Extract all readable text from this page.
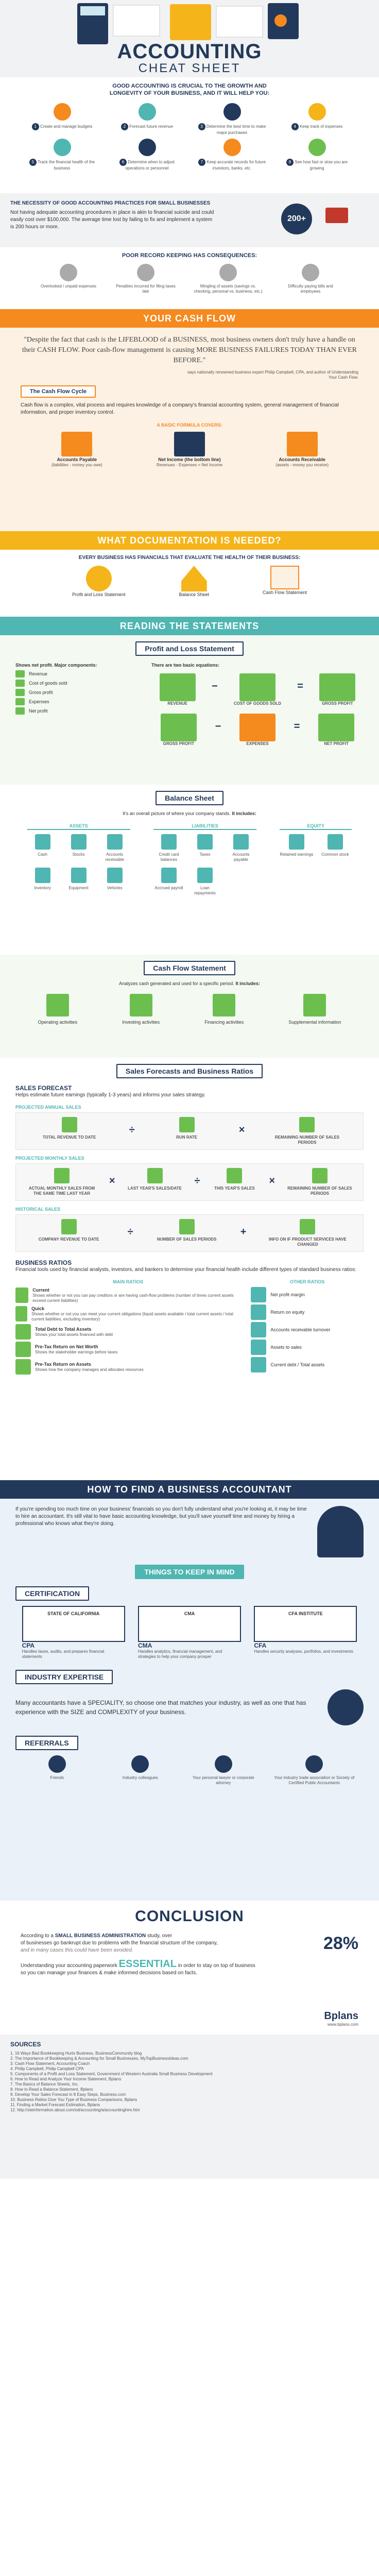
ACCOUNTING
CHEAT SHEET
GOOD ACCOUNTING IS CRUCIAL TO THE GROWTH AND LONGEVITY OF YOUR BUSINESS, AND IT WILL HELP YOU:
1 Create and manage budgets	2 Forecast future revenue	3 Determine the best time to make major purchases
4 Keep track of expenses
5 Track the financial health of the business
6 Determine when to adjust operations or personnel
7 Keep accurate records for future investors, banks, etc.
8 See how fast or slow you are growing
THE NECESSITY OF GOOD ACCOUNTING PRACTICES FOR SMALL BUSINESSES
Not having adequate accounting procedures in place is akin to financial suicide and could easily cost over $100,000. The average time lost by failing to fix and implement a system is 200 hours or more.
200+
POOR RECORD KEEPING HAS CONSEQUENCES:
Overlooked / unpaid expenses	Penalties incurred for filing taxes late
Mingling of assets (savings vs. checking, personal vs. business, etc.)
Difficulty paying bills and employees
YOUR CASH FLOW
"Despite the fact that cash is the LIFEBLOOD of a BUSINESS, most business owners don't truly have a handle on their CASH FLOW. Poor cash-flow management is causing MORE BUSINESS FAILURES TODAY THAN EVER BEFORE."
says nationally renowned business expert Philip Campbell, CPA, and author of Understanding Your Cash Flow.
The Cash Flow Cycle
Cash flow is a complex, vital process and requires knowledge of a company's financial accounting system, general management of financial information, and proper inventory control.
A BASIC FORMULA COVERS:
Accounts Payable
(liabilities - money you owe)
Net Income (the bottom line)
Revenues - Expenses = Net Income
Accounts Receivable
(assets - money you receive)
WHAT DOCUMENTATION IS NEEDED?
EVERY BUSINESS HAS FINANCIALS THAT EVALUATE THE HEALTH OF THEIR BUSINESS:
Profit and Loss Statement	Balance Sheet	Cash Flow Statement
READING THE STATEMENTS
Profit and Loss Statement
Shows net profit. Major components:
Revenue
Cost of goods sold
Gross profit
Expenses
Net profit
There are two basic equations:
REVENUE
−
COST OF GOODS SOLD
=
GROSS PROFIT
GROSS PROFIT
−
EXPENSES
=
NET PROFIT
Balance Sheet
It's an overall picture of where your company stands. It includes:
ASSETS
Cash	Stocks	Accounts receivable
Inventory	Equipment	Vehicles
LIABILITIES
Credit card balances
Taxes	Accounts payable
Accrued payroll	Loan repayments
EQUITY
Retained earnings	Common stock
Cash Flow Statement
Analyzes cash generated and used for a specific period. It includes:
Operating activities	Investing activities	Financing activities	Supplemental information
Sales Forecasts and Business Ratios
SALES FORECAST
Helps estimate future earnings (typically 1-3 years) and informs your sales strategy.
PROJECTED ANNUAL SALES
TOTAL REVENUE TO DATE
÷
RUN RATE
×
REMAINING NUMBER OF SALES PERIODS
PROJECTED MONTHLY SALES
ACTUAL MONTHLY SALES FROM THE SAME TIME LAST YEAR
×
LAST YEAR'S SALES/DATE
÷
THIS YEAR'S SALES
×
REMAINING NUMBER OF SALES PERIODS
HISTORICAL SALES
COMPANY REVENUE TO DATE
÷
NUMBER OF SALES PERIODS
+
INFO ON IF PRODUCT SERVICES HAVE CHANGED
BUSINESS RATIOS
Financial tools used by financial analysts, investors, and bankers to determine your financial health include different types of standard business ratios:
MAIN RATIOS
Current
Shows whether or not you can pay creditors or are having cash-flow problems (number of times current assets exceed current liabilities)
Quick
Shows whether or not you can meet your current obligations (liquid assets available / total current assets / total current liabilities, excluding inventory)
Total Debt to Total Assets
Shows your total assets financed with debt
Pre-Tax Return on Net Worth
Shows the stakeholder earnings before taxes
Pre-Tax Return on Assets
Shows how the company manages and allocates resources
OTHER RATIOS
Net profit margin
Return on equity
Accounts receivable turnover
Assets to sales
Current debt / Total assets
HOW TO FIND A BUSINESS ACCOUNTANT
If you're spending too much time on your business' financials so you don't fully understand what you're looking at, it may be time to hire an accountant. It's still vital to have basic accounting knowledge, but you'll save yourself time and money by hiring a professional who knows what they're doing.
THINGS TO KEEP IN MIND
CERTIFICATION
STATE OF CALIFORNIA
CPA
Handles taxes, audits, and prepares financial statements
CMA
CMA
Handles analytics, financial management, and strategies to help your company prosper
CFA INSTITUTE
CFA
Handles security analyses, portfolios, and investments
INDUSTRY EXPERTISE
Many accountants have a SPECIALITY, so choose one that matches your industry, as well as one that has experience with the SIZE and COMPLEXITY of your business.
REFERRALS
Friends	Industry colleagues	Your personal lawyer or corporate attorney
Your industry trade association or Society of Certified Public Accountants
CONCLUSION
According to a SMALL BUSINESS ADMINISTRATION study, over
of businesses go bankrupt due to problems with the financial structure of the company,
and in many cases this could have been avoided.	28%
Understanding your accounting paperwork ESSENTIAL in order to stay on top of business
so you can manage your finances & make informed decisions based on facts.
Bplans
www.bplans.com
SOURCES
1. 16 Ways Bad Bookkeeping Hurts Business, BusinessCommunity blog
2. The Importance of Bookkeeping & Accounting for Small Businesses, MyTopBusinessIdeas.com
3. Cash Flow Statement, Accounting Coach
4. Philip Campbell, Philip Campbell CPA
5. Components of a Profit and Loss Statement, Government of Western Australia Small Business Development
6. How to Read and Analyze Your Income Statement, Bplans
7. The Basics of Balance Sheets, Inc.
8. How to Read a Balance Statement, Bplans
9. Develop Your Sales Forecast in 8 Easy Steps, Business.com
10. Business Ratios Give You Type of Business Comparisons, Bplans
11. Finding a Market Forecast Estimation, Bplans
12. http://steinformation.about.com/od/accounting/a/accountinghire.htm
